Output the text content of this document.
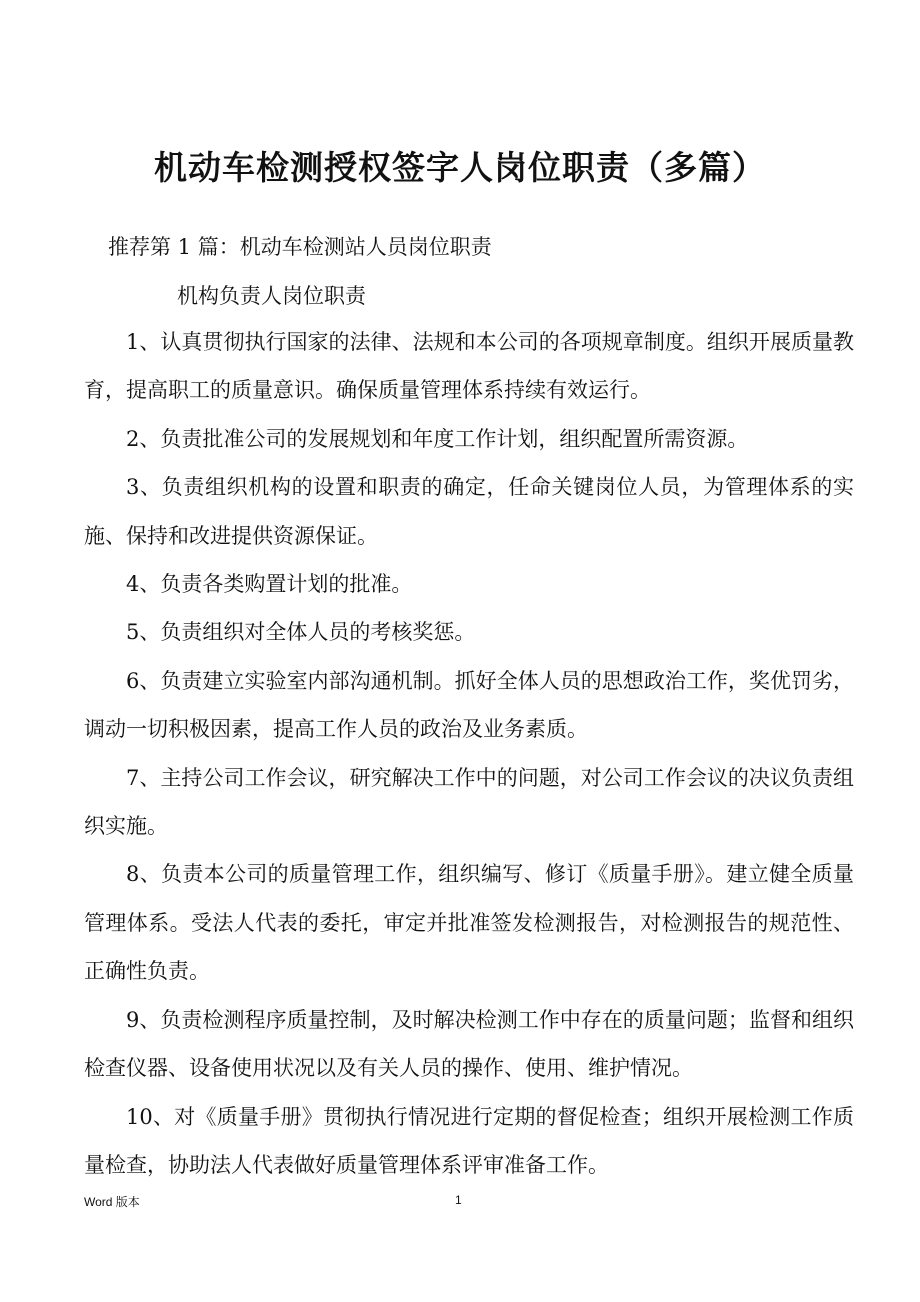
机动车检测授权签字人岗位职责（多篇）

推荐第 1 篇：机动车检测站人员岗位职责

机构负责人岗位职责

1、认真贯彻执行国家的法律、法规和本公司的各项规章制度。组织开展质量教育，提高职工的质量意识。确保质量管理体系持续有效运行。

2、负责批准公司的发展规划和年度工作计划，组织配置所需资源。

3、负责组织机构的设置和职责的确定，任命关键岗位人员，为管理体系的实施、保持和改进提供资源保证。

4、负责各类购置计划的批准。

5、负责组织对全体人员的考核奖惩。

6、负责建立实验室内部沟通机制。抓好全体人员的思想政治工作，奖优罚劣，调动一切积极因素，提高工作人员的政治及业务素质。

7、主持公司工作会议，研究解决工作中的问题，对公司工作会议的决议负责组织实施。

8、负责本公司的质量管理工作，组织编写、修订《质量手册》。建立健全质量管理体系。受法人代表的委托，审定并批准签发检测报告，对检测报告的规范性、正确性负责。

9、负责检测程序质量控制，及时解决检测工作中存在的质量问题；监督和组织检查仪器、设备使用状况以及有关人员的操作、使用、维护情况。

10、对《质量手册》贯彻执行情况进行定期的督促检查；组织开展检测工作质量检查，协助法人代表做好质量管理体系评审准备工作。

Word 版本	1
